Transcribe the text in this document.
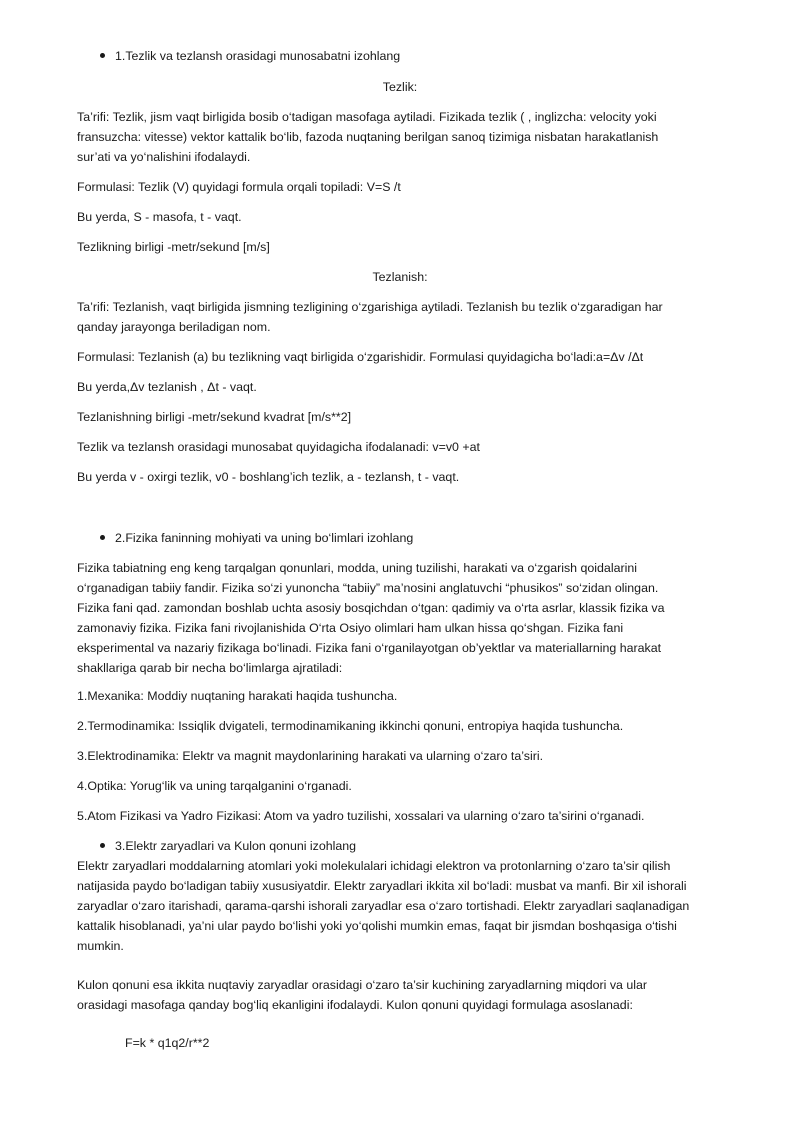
1.Tezlik va tezlansh orasidagi munosabatni izohlang
Tezlik:
Ta’rifi: Tezlik, jism vaqt birligida bosib o‘tadigan masofaga aytiladi. Fizikada tezlik ( , inglizcha: velocity yoki
fransuzcha: vitesse) vektor kattalik bo‘lib, fazoda nuqtaning berilgan sanoq tizimiga nisbatan harakatlanish
sur’ati va yo‘nalishini ifodalaydi.
Formulasi: Tezlik (V) quyidagi formula orqali topiladi: V=S /t
Bu yerda, S - masofa, t - vaqt.
Tezlikning birligi -metr/sekund [m/s]
Tezlanish:
Ta’rifi: Tezlanish, vaqt birligida jismning tezligining o‘zgarishiga aytiladi. Tezlanish bu tezlik o‘zgaradigan har
qanday jarayonga beriladigan nom.
Formulasi: Tezlanish (a) bu tezlikning vaqt birligida o‘zgarishidir. Formulasi quyidagicha bo‘ladi:a=Δv /Δt
Bu yerda,Δv tezlanish , Δt - vaqt.
Tezlanishning birligi -metr/sekund kvadrat [m/s**2]
Tezlik va tezlansh orasidagi munosabat quyidagicha ifodalanadi: v=v0 +at
Bu yerda v - oxirgi tezlik, v0 - boshlang’ich tezlik, a - tezlansh, t - vaqt.
2.Fizika faninning mohiyati va uning bo‘limlari izohlang
Fizika tabiatning eng keng tarqalgan qonunlari, modda, uning tuzilishi, harakati va o‘zgarish qoidalarini
o‘rganadigan tabiiy fandir. Fizika so‘zi yunoncha “tabiiy” ma’nosini anglatuvchi “phusikos” so‘zidan olingan.
Fizika fani qad. zamondan boshlab uchta asosiy bosqichdan o‘tgan: qadimiy va o‘rta asrlar, klassik fizika va
zamonaviy fizika. Fizika fani rivojlanishida O‘rta Osiyo olimlari ham ulkan hissa qo‘shgan. Fizika fani
eksperimental va nazariy fizikaga bo‘linadi. Fizika fani o‘rganilayotgan ob’yektlar va materiallarning harakat
shakllariga qarab bir necha bo‘limlarga ajratiladi:
1.Mexanika: Moddiy nuqtaning harakati haqida tushuncha.
2.Termodinamika: Issiqlik dvigateli, termodinamikaning ikkinchi qonuni, entropiya haqida tushuncha.
3.Elektrodinamika: Elektr va magnit maydonlarining harakati va ularning o‘zaro ta’siri.
4.Optika: Yorug‘lik va uning tarqalganini o‘rganadi.
5.Atom Fizikasi va Yadro Fizikasi: Atom va yadro tuzilishi, xossalari va ularning o‘zaro ta’sirini o‘rganadi.
3.Elektr zaryadlari va Kulon qonuni izohlang
Elektr zaryadlari moddalarning atomlari yoki molekulalari ichidagi elektron va protonlarning o‘zaro ta’sir qilish
natijasida paydo bo‘ladigan tabiiy xususiyatdir. Elektr zaryadlari ikkita xil bo‘ladi: musbat va manfi. Bir xil ishorali
zaryadlar o‘zaro itarishadi, qarama-qarshi ishorali zaryadlar esa o‘zaro tortishadi. Elektr zaryadlari saqlanadigan
kattalik hisoblanadi, ya’ni ular paydo bo‘lishi yoki yo‘qolishi mumkin emas, faqat bir jismdan boshqasiga o‘tishi
mumkin.
Kulon qonuni esa ikkita nuqtaviy zaryadlar orasidagi o‘zaro ta’sir kuchining zaryadlarning miqdori va ular
orasidagi masofaga qanday bog‘liq ekanligini ifodalaydi. Kulon qonuni quyidagi formulaga asoslanadi:
F=k * q1q2/r**2
